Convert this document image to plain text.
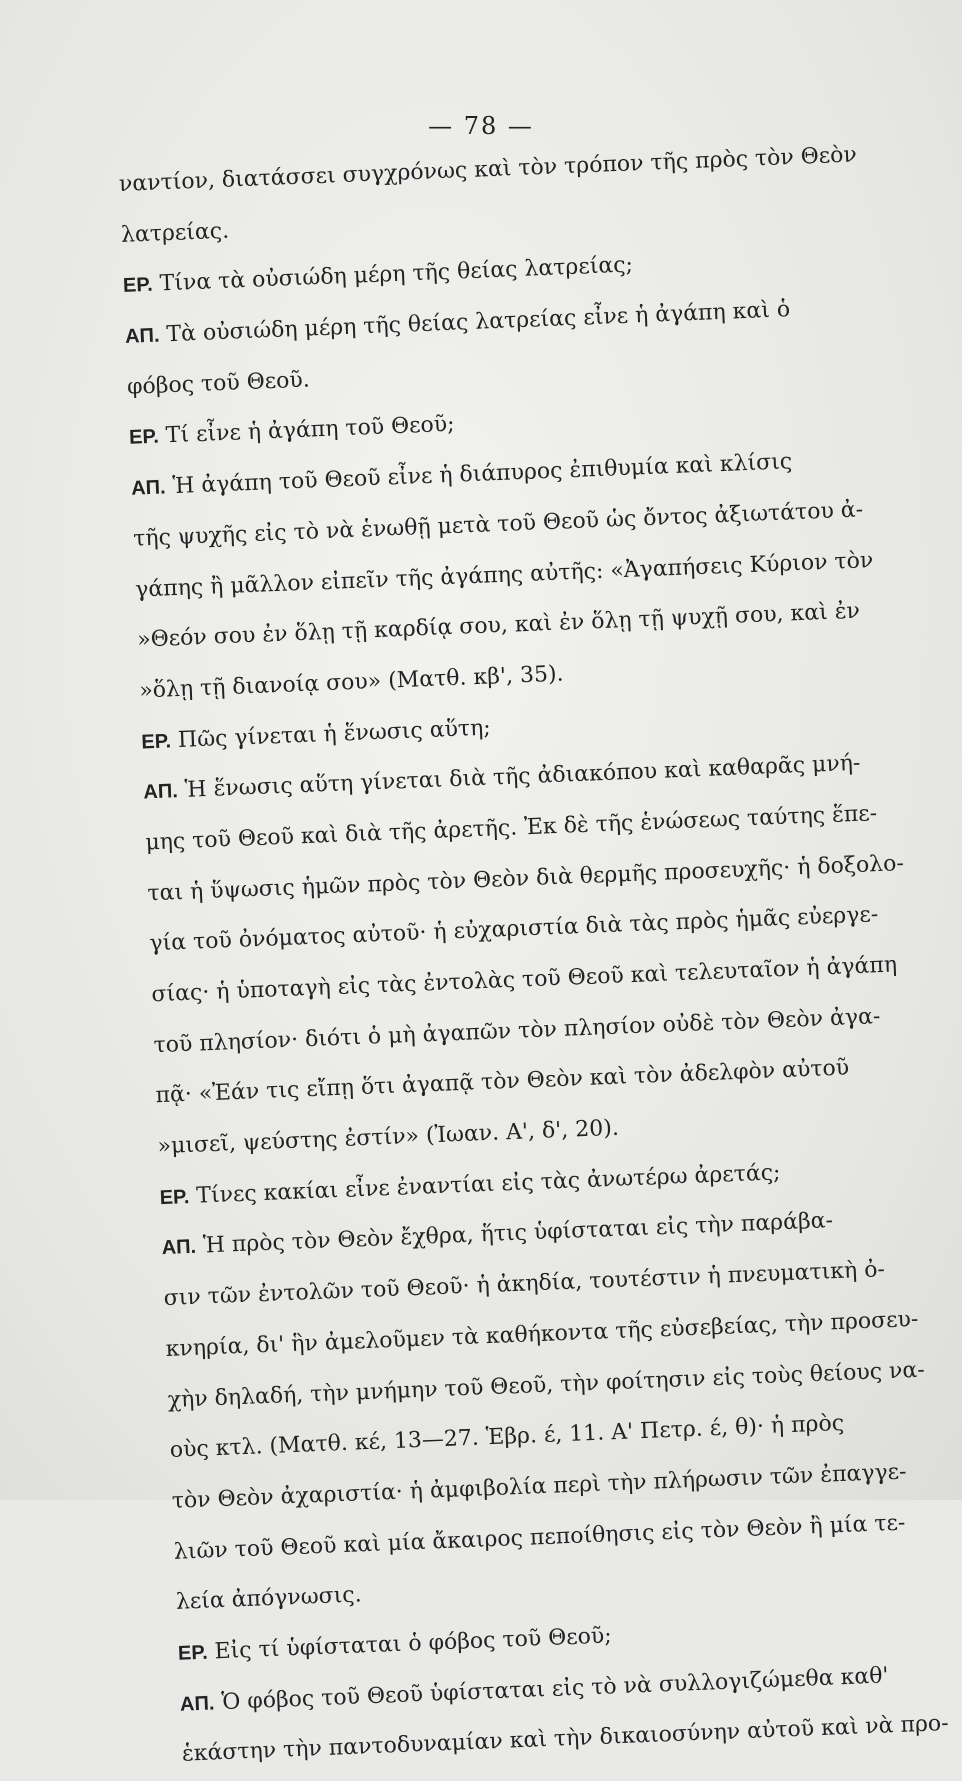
— 78 —
ναντίον, διατάσσει συγχρόνως καὶ τὸν τρόπον τῆς πρὸς τὸν Θεὸν
λατρείας.
ΕΡ. Τίνα τὰ οὐσιώδη μέρη τῆς θείας λατρείας;
ΑΠ. Τὰ οὐσιώδη μέρη τῆς θείας λατρείας εἶνε ἡ ἀγάπη καὶ ὁ
φόβος τοῦ Θεοῦ.
ΕΡ. Τί εἶνε ἡ ἀγάπη τοῦ Θεοῦ;
ΑΠ. Ἡ ἀγάπη τοῦ Θεοῦ εἶνε ἡ διάπυρος ἐπιθυμία καὶ κλίσις
τῆς ψυχῆς εἰς τὸ νὰ ἑνωθῇ μετὰ τοῦ Θεοῦ ὡς ὄντος ἀξιωτάτου ἀ-
γάπης ἢ μᾶλλον εἰπεῖν τῆς ἀγάπης αὐτῆς: «Ἀγαπήσεις Κύριον τὸν
»Θεόν σου ἐν ὅλῃ τῇ καρδίᾳ σου, καὶ ἐν ὅλῃ τῇ ψυχῇ σου, καὶ ἐν
»ὅλῃ τῇ διανοίᾳ σου» (Ματθ. κβ', 35).
ΕΡ. Πῶς γίνεται ἡ ἕνωσις αὕτη;
ΑΠ. Ἡ ἕνωσις αὕτη γίνεται διὰ τῆς ἀδιακόπου καὶ καθαρᾶς μνή-
μης τοῦ Θεοῦ καὶ διὰ τῆς ἀρετῆς. Ἐκ δὲ τῆς ἑνώσεως ταύτης ἕπε-
ται ἡ ὕψωσις ἡμῶν πρὸς τὸν Θεὸν διὰ θερμῆς προσευχῆς· ἡ δοξολο-
γία τοῦ ὀνόματος αὐτοῦ· ἡ εὐχαριστία διὰ τὰς πρὸς ἡμᾶς εὐεργε-
σίας· ἡ ὑποταγὴ εἰς τὰς ἐντολὰς τοῦ Θεοῦ καὶ τελευταῖον ἡ ἀγάπη
τοῦ πλησίον· διότι ὁ μὴ ἀγαπῶν τὸν πλησίον οὐδὲ τὸν Θεὸν ἀγα-
πᾷ· «Ἐάν τις εἴπῃ ὅτι ἀγαπᾷ τὸν Θεὸν καὶ τὸν ἀδελφὸν αὐτοῦ
»μισεῖ, ψεύστης ἐστίν» (Ἰωαν. Α', δ', 20).
ΕΡ. Τίνες κακίαι εἶνε ἐναντίαι εἰς τὰς ἀνωτέρω ἀρετάς;
ΑΠ. Ἡ πρὸς τὸν Θεὸν ἔχθρα, ἥτις ὑφίσταται εἰς τὴν παράβα-
σιν τῶν ἐντολῶν τοῦ Θεοῦ· ἡ ἀκηδία, τουτέστιν ἡ πνευματικὴ ὀ-
κνηρία, δι' ἣν ἀμελοῦμεν τὰ καθήκοντα τῆς εὐσεβείας, τὴν προσευ-
χὴν δηλαδή, τὴν μνήμην τοῦ Θεοῦ, τὴν φοίτησιν εἰς τοὺς θείους να-
οὺς κτλ. (Ματθ. κέ, 13—27. Ἑβρ. έ, 11. Α' Πετρ. έ, θ)· ἡ πρὸς
τὸν Θεὸν ἀχαριστία· ἡ ἀμφιβολία περὶ τὴν πλήρωσιν τῶν ἐπαγγε-
λιῶν τοῦ Θεοῦ καὶ μία ἄκαιρος πεποίθησις εἰς τὸν Θεὸν ἢ μία τε-
λεία ἀπόγνωσις.
ΕΡ. Εἰς τί ὑφίσταται ὁ φόβος τοῦ Θεοῦ;
ΑΠ. Ὁ φόβος τοῦ Θεοῦ ὑφίσταται εἰς τὸ νὰ συλλογιζώμεθα καθ'
ἑκάστην τὴν παντοδυναμίαν καὶ τὴν δικαιοσύνην αὐτοῦ καὶ νὰ προ-
